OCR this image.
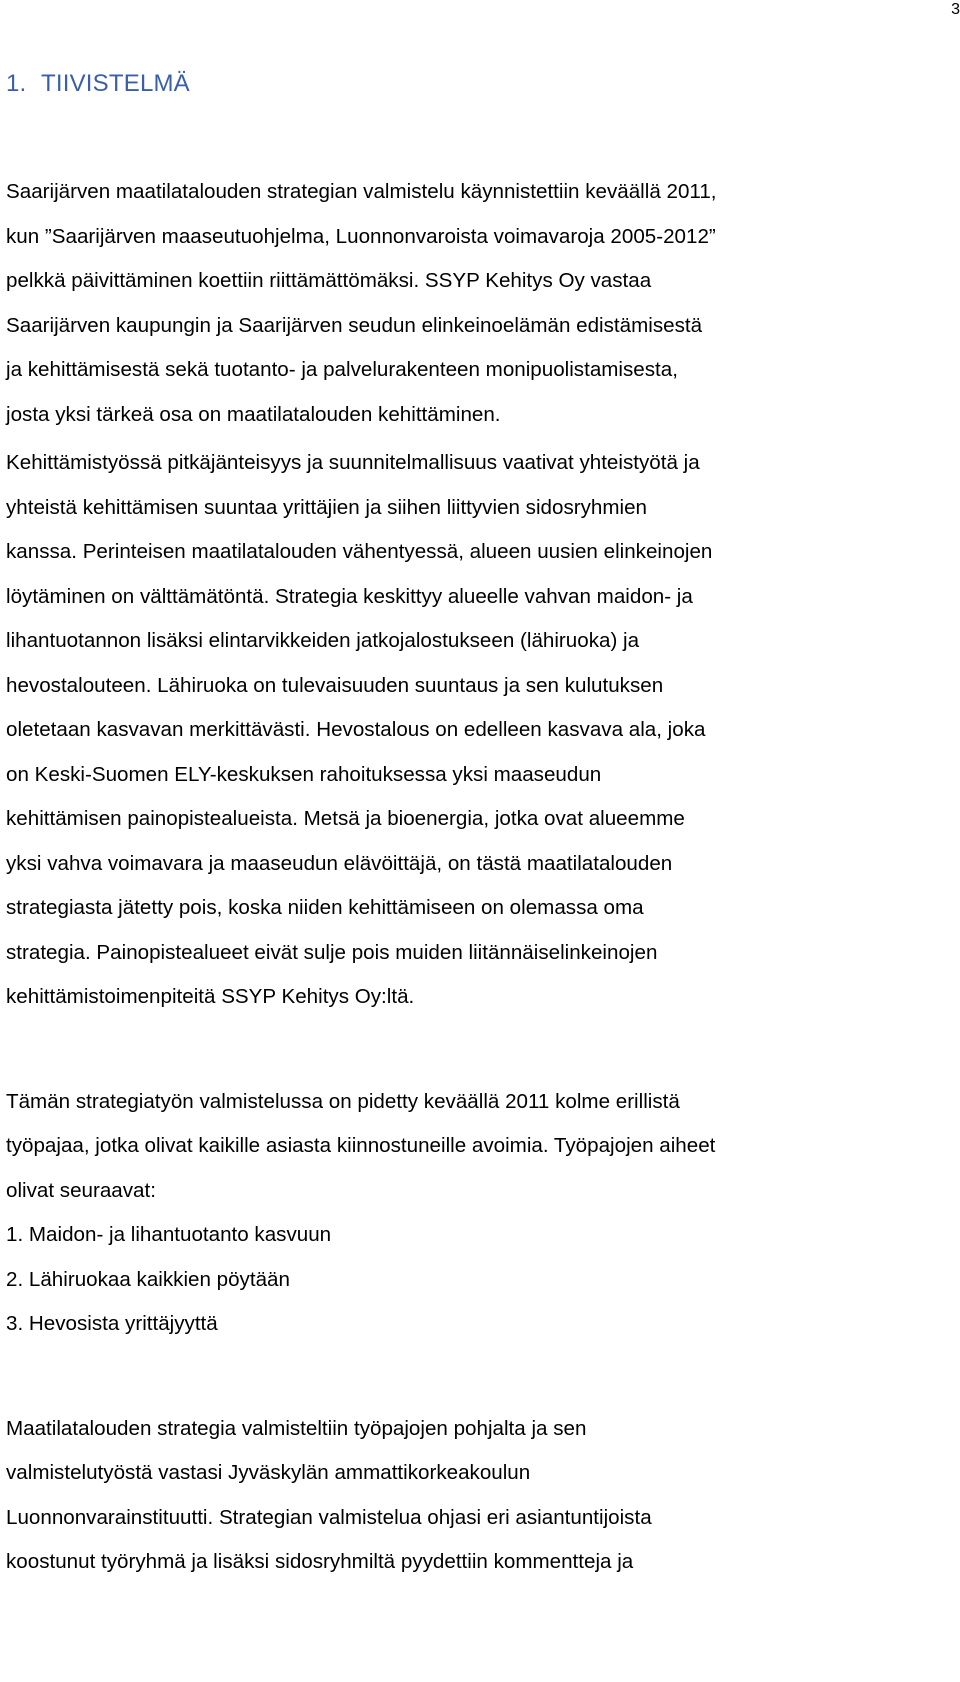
3
1. TIIVISTELMÄ

Saarijärven maatilatalouden strategian valmistelu käynnistettiin keväällä 2011,
kun ”Saarijärven maaseutuohjelma, Luonnonvaroista voimavaroja 2005-2012”
pelkkä päivittäminen koettiin riittämättömäksi. SSYP Kehitys Oy vastaa
Saarijärven kaupungin ja Saarijärven seudun elinkeinoelämän edistämisestä
ja kehittämisestä sekä tuotanto- ja palvelurakenteen monipuolistamisesta,
josta yksi tärkeä osa on maatilatalouden kehittäminen.

Kehittämistyössä pitkäjänteisyys ja suunnitelmallisuus vaativat yhteistyötä ja
yhteistä kehittämisen suuntaa yrittäjien ja siihen liittyvien sidosryhmien
kanssa. Perinteisen maatilatalouden vähentyessä, alueen uusien elinkeinojen
löytäminen on välttämätöntä. Strategia keskittyy alueelle vahvan maidon- ja
lihantuotannon lisäksi elintarvikkeiden jatkojalostukseen (lähiruoka) ja
hevostalouteen. Lähiruoka on tulevaisuuden suuntaus ja sen kulutuksen
oletetaan kasvavan merkittävästi. Hevostalous on edelleen kasvava ala, joka
on Keski-Suomen ELY-keskuksen rahoituksessa yksi maaseudun
kehittämisen painopistealueista. Metsä ja bioenergia, jotka ovat alueemme
yksi vahva voimavara ja maaseudun elävöittäjä, on tästä maatilatalouden
strategiasta jätetty pois, koska niiden kehittämiseen on olemassa oma
strategia. Painopistealueet eivät sulje pois muiden liitännäiselinkeinojen
kehittämistoimenpiteitä SSYP Kehitys Oy:ltä.

Tämän strategiatyön valmistelussa on pidetty keväällä 2011 kolme erillistä
työpajaa, jotka olivat kaikille asiasta kiinnostuneille avoimia. Työpajojen aiheet
olivat seuraavat:

1. Maidon- ja lihantuotanto kasvuun
2. Lähiruokaa kaikkien pöytään
3. Hevosista yrittäjyyttä

Maatilatalouden strategia valmisteltiin työpajojen pohjalta ja sen
valmistelutyöstä vastasi Jyväskylän ammattikorkeakoulun
Luonnonvarainstituutti. Strategian valmistelua ohjasi eri asiantuntijoista
koostunut työryhmä ja lisäksi sidosryhmiltä pyydettiin kommentteja ja
